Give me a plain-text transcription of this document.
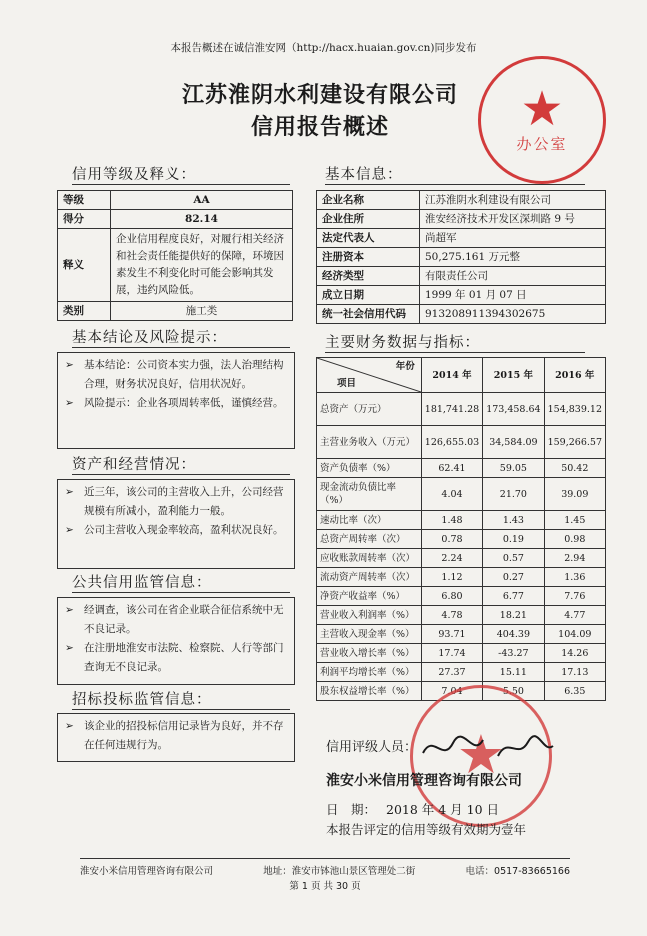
本报告概述在诚信淮安网（http://hacx.huaian.gov.cn)同步发布
江苏淮阴水利建设有限公司
信用报告概述	★
办公室
信用等级及释义：
等级	AA
得分	82.14
释义	企业信用程度良好，对履行相关经济和社会责任能提供好的保障，环境因素发生不利变化时可能会影响其发展，违约风险低。
类别	施工类
基本结论及风险提示：
➢ 基本结论：公司资本实力强，法人治理结构合理，财务状况良好，信用状况好。
➢ 风险提示：企业各项周转率低，谨慎经营。
资产和经营情况：
➢ 近三年，该公司的主营收入上升，公司经营规模有所减小，盈利能力一般。
➢ 公司主营收入现金率较高，盈利状况良好。
公共信用监管信息：
➢ 经调查，该公司在省企业联合征信系统中无不良记录。
➢ 在注册地淮安市法院、检察院、人行等部门查询无不良记录。
招标投标监管信息：
➢ 该企业的招投标信用记录皆为良好，并不存在任何违规行为。
基本信息：
企业名称	江苏淮阴水利建设有限公司
企业住所	淮安经济技术开发区深圳路 9 号
法定代表人	尚超军
注册资本	50,275.161 万元整
经济类型	有限责任公司
成立日期	1999 年 01 月 07 日
统一社会信用代码	913208911394302675
主要财务数据与指标：
年份
项目	2014 年	2015 年	2016 年
总资产（万元）	181,741.28	173,458.64	154,839.12
主营业务收入（万元）	126,655.03	34,584.09	159,266.57
资产负债率（%）	62.41	59.05	50.42
现金流动负债比率（%）	4.04	21.70	39.09
速动比率（次）	1.48	1.43	1.45
总资产周转率（次）	0.78	0.19	0.98
应收账款周转率（次）	2.24	0.57	2.94
流动资产周转率（次）	1.12	0.27	1.36
净资产收益率（%）	6.80	6.77	7.76
营业收入利润率（%）	4.78	18.21	4.77
主营收入现金率（%）	93.71	404.39	104.09
营业收入增长率（%）	17.74	-43.27	14.26
利润平均增长率（%）	27.37	15.11	17.13
股东权益增长率（%）	7.04	5.50	6.35
★
信用评级人员：
淮安小米信用管理咨询有限公司
日　期： 2018 年 4 月 10 日
本报告评定的信用等级有效期为壹年
淮安小米信用管理咨询有限公司	地址：淮安市钵池山景区管理处二街	电话：0517-83665166
第 1 页 共 30 页
